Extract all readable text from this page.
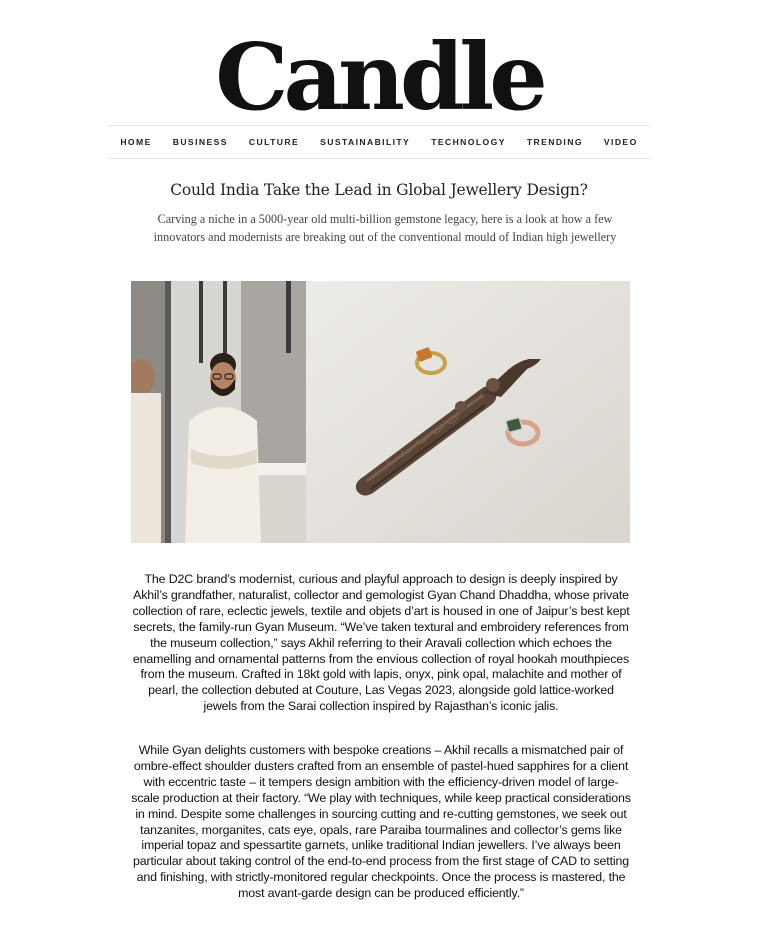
Candle
HOME	BUSINESS	CULTURE	SUSTAINABILITY	TECHNOLOGY	TRENDING	VIDEO
Could India Take the Lead in Global Jewellery Design?

Carving a niche in a 5000-year old multi-billion gemstone legacy, here is a look at how a few innovators and modernists are breaking out of the conventional mould of Indian high jewellery

The D2C brand’s modernist, curious and playful approach to design is deeply inspired by Akhil’s grandfather, naturalist, collector and gemologist Gyan Chand Dhaddha, whose private collection of rare, eclectic jewels, textile and objets d’art is housed in one of Jaipur’s best kept secrets, the family-run Gyan Museum. “We’ve taken textural and embroidery references from the museum collection,” says Akhil referring to their Aravali collection which echoes the enamelling and ornamental patterns from the envious collection of royal hookah mouthpieces from the museum. Crafted in 18kt gold with lapis, onyx, pink opal, malachite and mother of pearl, the collection debuted at Couture, Las Vegas 2023, alongside gold lattice-worked jewels from the Sarai collection inspired by Rajasthan’s iconic jalis.

While Gyan delights customers with bespoke creations – Akhil recalls a mismatched pair of ombre-effect shoulder dusters crafted from an ensemble of pastel-hued sapphires for a client with eccentric taste – it tempers design ambition with the efficiency-driven model of large-scale production at their factory. “We play with techniques, while keep practical considerations in mind. Despite some challenges in sourcing cutting and re-cutting gemstones, we seek out tanzanites, morganites, cats eye, opals, rare Paraiba tourmalines and collector’s gems like imperial topaz and spessartite garnets, unlike traditional Indian jewellers. I’ve always been particular about taking control of the end-to-end process from the first stage of CAD to setting and finishing, with strictly-monitored regular checkpoints. Once the process is mastered, the most avant-garde design can be produced efficiently.”
